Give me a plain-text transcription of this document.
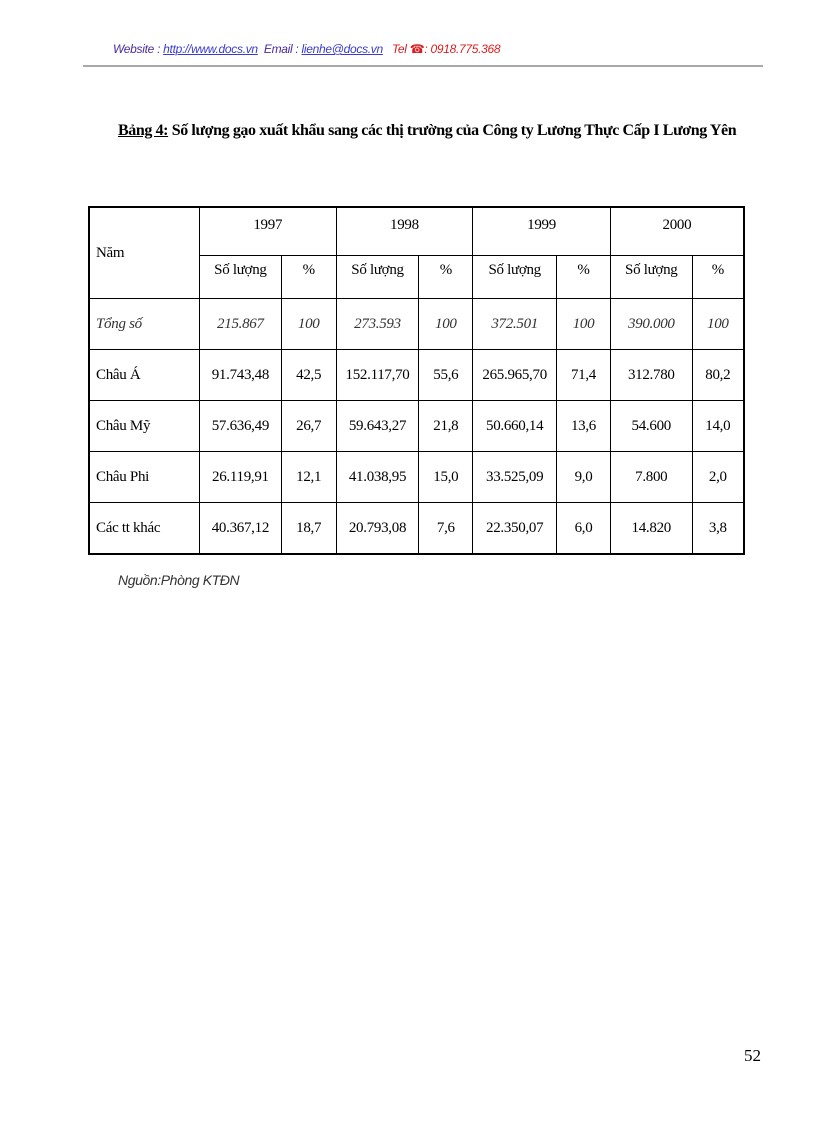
Website : http://www.docs.vn Email : lienhe@docs.vn Tel ☎: 0918.775.368
Bảng 4: Số lượng gạo xuất khẩu sang các thị trường của Công ty Lương Thực Cấp I Lương Yên
Năm	1997		1998		1999		2000	
	Số lượng	%	Số lượng	%	Số lượng	%	Số lượng	%
Tổng số	215.867	100	273.593	100	372.501	100	390.000	100
Châu Á	91.743,48	42,5	152.117,70	55,6	265.965,70	71,4	312.780	80,2
Châu Mỹ	57.636,49	26,7	59.643,27	21,8	50.660,14	13,6	54.600	14,0
Châu Phi	26.119,91	12,1	41.038,95	15,0	33.525,09	9,0	7.800	2,0
Các tt khác	40.367,12	18,7	20.793,08	7,6	22.350,07	6,0	14.820	3,8
Nguồn:Phòng KTĐN
52
